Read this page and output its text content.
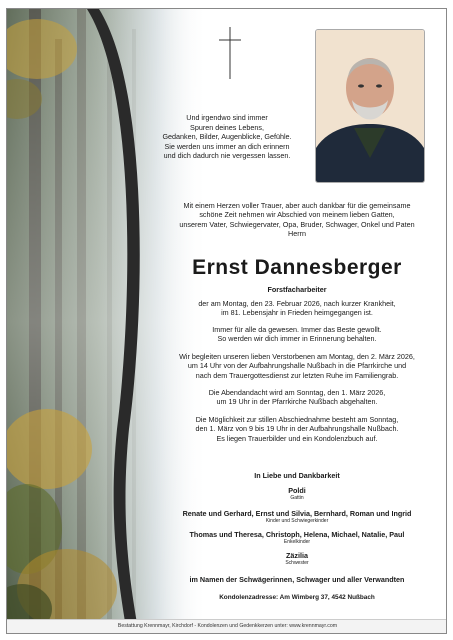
Und irgendwo sind immer
Spuren deines Lebens,
Gedanken, Bilder, Augenblicke, Gefühle.
Sie werden uns immer an dich erinnern
und dich dadurch nie vergessen lassen.
Mit einem Herzen voller Trauer, aber auch dankbar für die gemeinsame
schöne Zeit nehmen wir Abschied von meinem lieben Gatten,
unserem Vater, Schwiegervater, Opa, Bruder, Schwager, Onkel und Paten
Herrn
Ernst Dannesberger
Forstfacharbeiter
der am Montag, den 23. Februar 2026, nach kurzer Krankheit,
im 81. Lebensjahr in Frieden heimgegangen ist.
Immer für alle da gewesen. Immer das Beste gewollt.
So werden wir dich immer in Erinnerung behalten.
Wir begleiten unseren lieben Verstorbenen am Montag, den 2. März 2026,
um 14 Uhr von der Aufbahrungshalle Nußbach in die Pfarrkirche und
nach dem Trauergottesdienst zur letzten Ruhe im Familiengrab.
Die Abendandacht wird am Sonntag, den 1. März 2026,
um 19 Uhr in der Pfarrkirche Nußbach abgehalten.
Die Möglichkeit zur stillen Abschiednahme besteht am Sonntag,
den 1. März von 9 bis 19 Uhr in der Aufbahrungshalle Nußbach.
Es liegen Trauerbilder und ein Kondolenzbuch auf.
In Liebe und Dankbarkeit
Poldi
Gattin
Renate und Gerhard, Ernst und Silvia, Bernhard, Roman und Ingrid
Kinder und Schwiegerkinder
Thomas und Theresa, Christoph, Helena, Michael, Natalie, Paul
Enkelkinder
Zäzilia
Schwester
im Namen der Schwägerinnen, Schwager und aller Verwandten
Kondolenzadresse: Am Wimberg 37, 4542 Nußbach
Bestattung Krennmayr, Kirchdorf - Kondolenzen und Gedenkkerzen unter: www.krennmayr.com
